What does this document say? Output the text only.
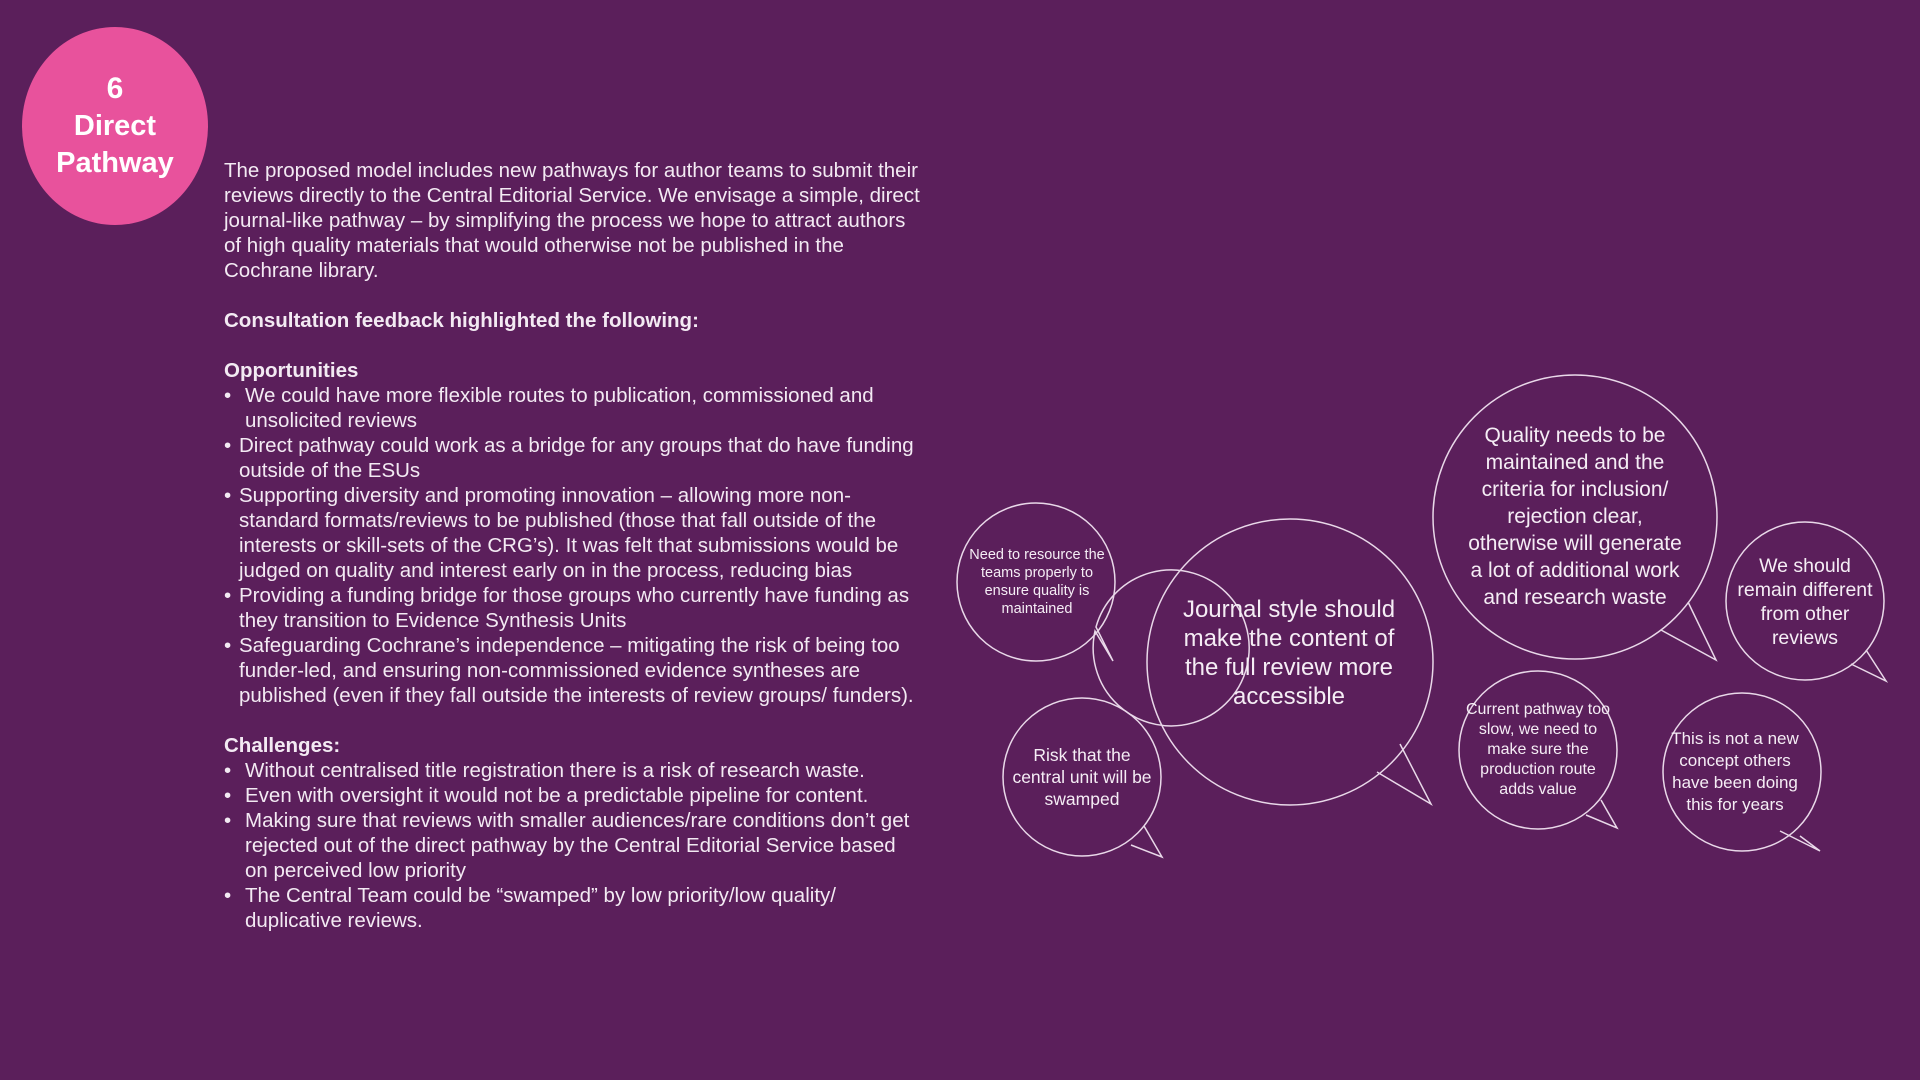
6
Direct
Pathway The proposed model includes new pathways for author teams to submit their reviews directly to the Central Editorial Service. We envisage a simple, direct journal-like pathway – by simplifying the process we hope to attract authors of high quality materials that would otherwise not be published in the Cochrane library.

Consultation feedback highlighted the following:

Opportunities

• We could have more flexible routes to publication, commissioned and unsolicited reviews
• Direct pathway could work as a bridge for any groups that do have funding outside of the ESUs
• Supporting diversity and promoting innovation – allowing more non-standard formats/reviews to be published (those that fall outside of the interests or skill-sets of the CRG’s). It was felt that submissions would be judged on quality and interest early on in the process, reducing bias
• Providing a funding bridge for those groups who currently have funding as they transition to Evidence Synthesis Units
• Safeguarding Cochrane’s independence – mitigating the risk of being too funder-led, and ensuring non-commissioned evidence syntheses are published (even if they fall outside the interests of review groups/ funders).

Challenges:

• Without centralised title registration there is a risk of research waste.
• Even with oversight it would not be a predictable pipeline for content.
• Making sure that reviews with smaller audiences/rare conditions don’t get rejected out of the direct pathway by the Central Editorial Service based on perceived low priority
• The Central Team could be “swamped” by low priority/low quality/ duplicative reviews.
Need to resource the teams properly to ensure quality is maintained
Risk that the central unit will be swamped
Journal style should make the content of the full review more accessible
Quality needs to be maintained and the criteria for inclusion/ rejection clear, otherwise will generate a lot of additional work and research waste
Current pathway too slow, we need to make sure the production route adds value
We should remain different from other reviews
This is not a new concept others have been doing this for years
